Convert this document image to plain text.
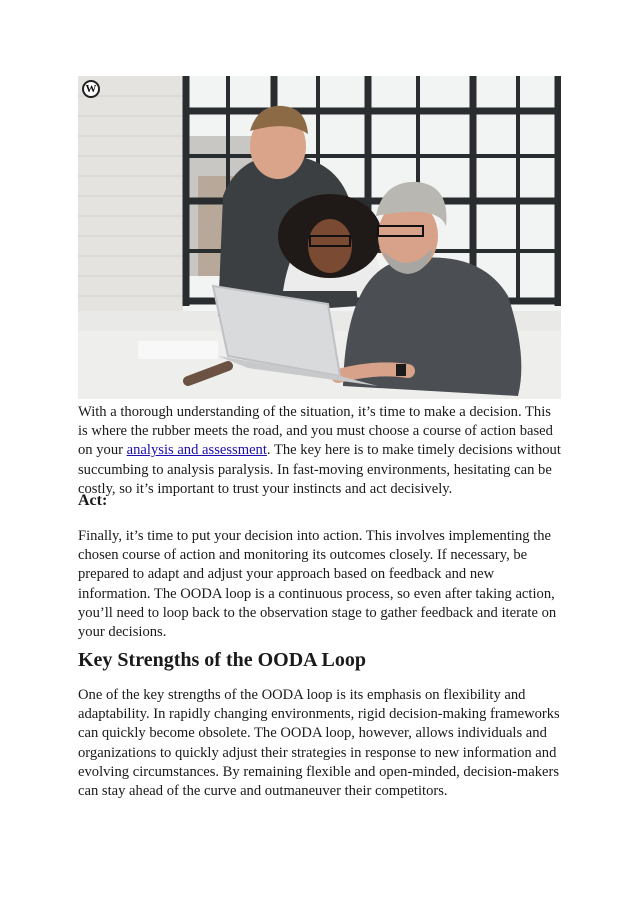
W

With a thorough understanding of the situation, it’s time to make a decision. This is where the rubber meets the road, and you must choose a course of action based on your analysis and assessment. The key here is to make timely decisions without succumbing to analysis paralysis. In fast-moving environments, hesitating can be costly, so it’s important to trust your instincts and act decisively.

Act:

Finally, it’s time to put your decision into action. This involves implementing the chosen course of action and monitoring its outcomes closely. If necessary, be prepared to adapt and adjust your approach based on feedback and new information. The OODA loop is a continuous process, so even after taking action, you’ll need to loop back to the observation stage to gather feedback and iterate on your decisions.

Key Strengths of the OODA Loop

One of the key strengths of the OODA loop is its emphasis on flexibility and adaptability. In rapidly changing environments, rigid decision-making frameworks can quickly become obsolete. The OODA loop, however, allows individuals and organizations to quickly adjust their strategies in response to new information and evolving circumstances. By remaining flexible and open-minded, decision-makers can stay ahead of the curve and outmaneuver their competitors.
